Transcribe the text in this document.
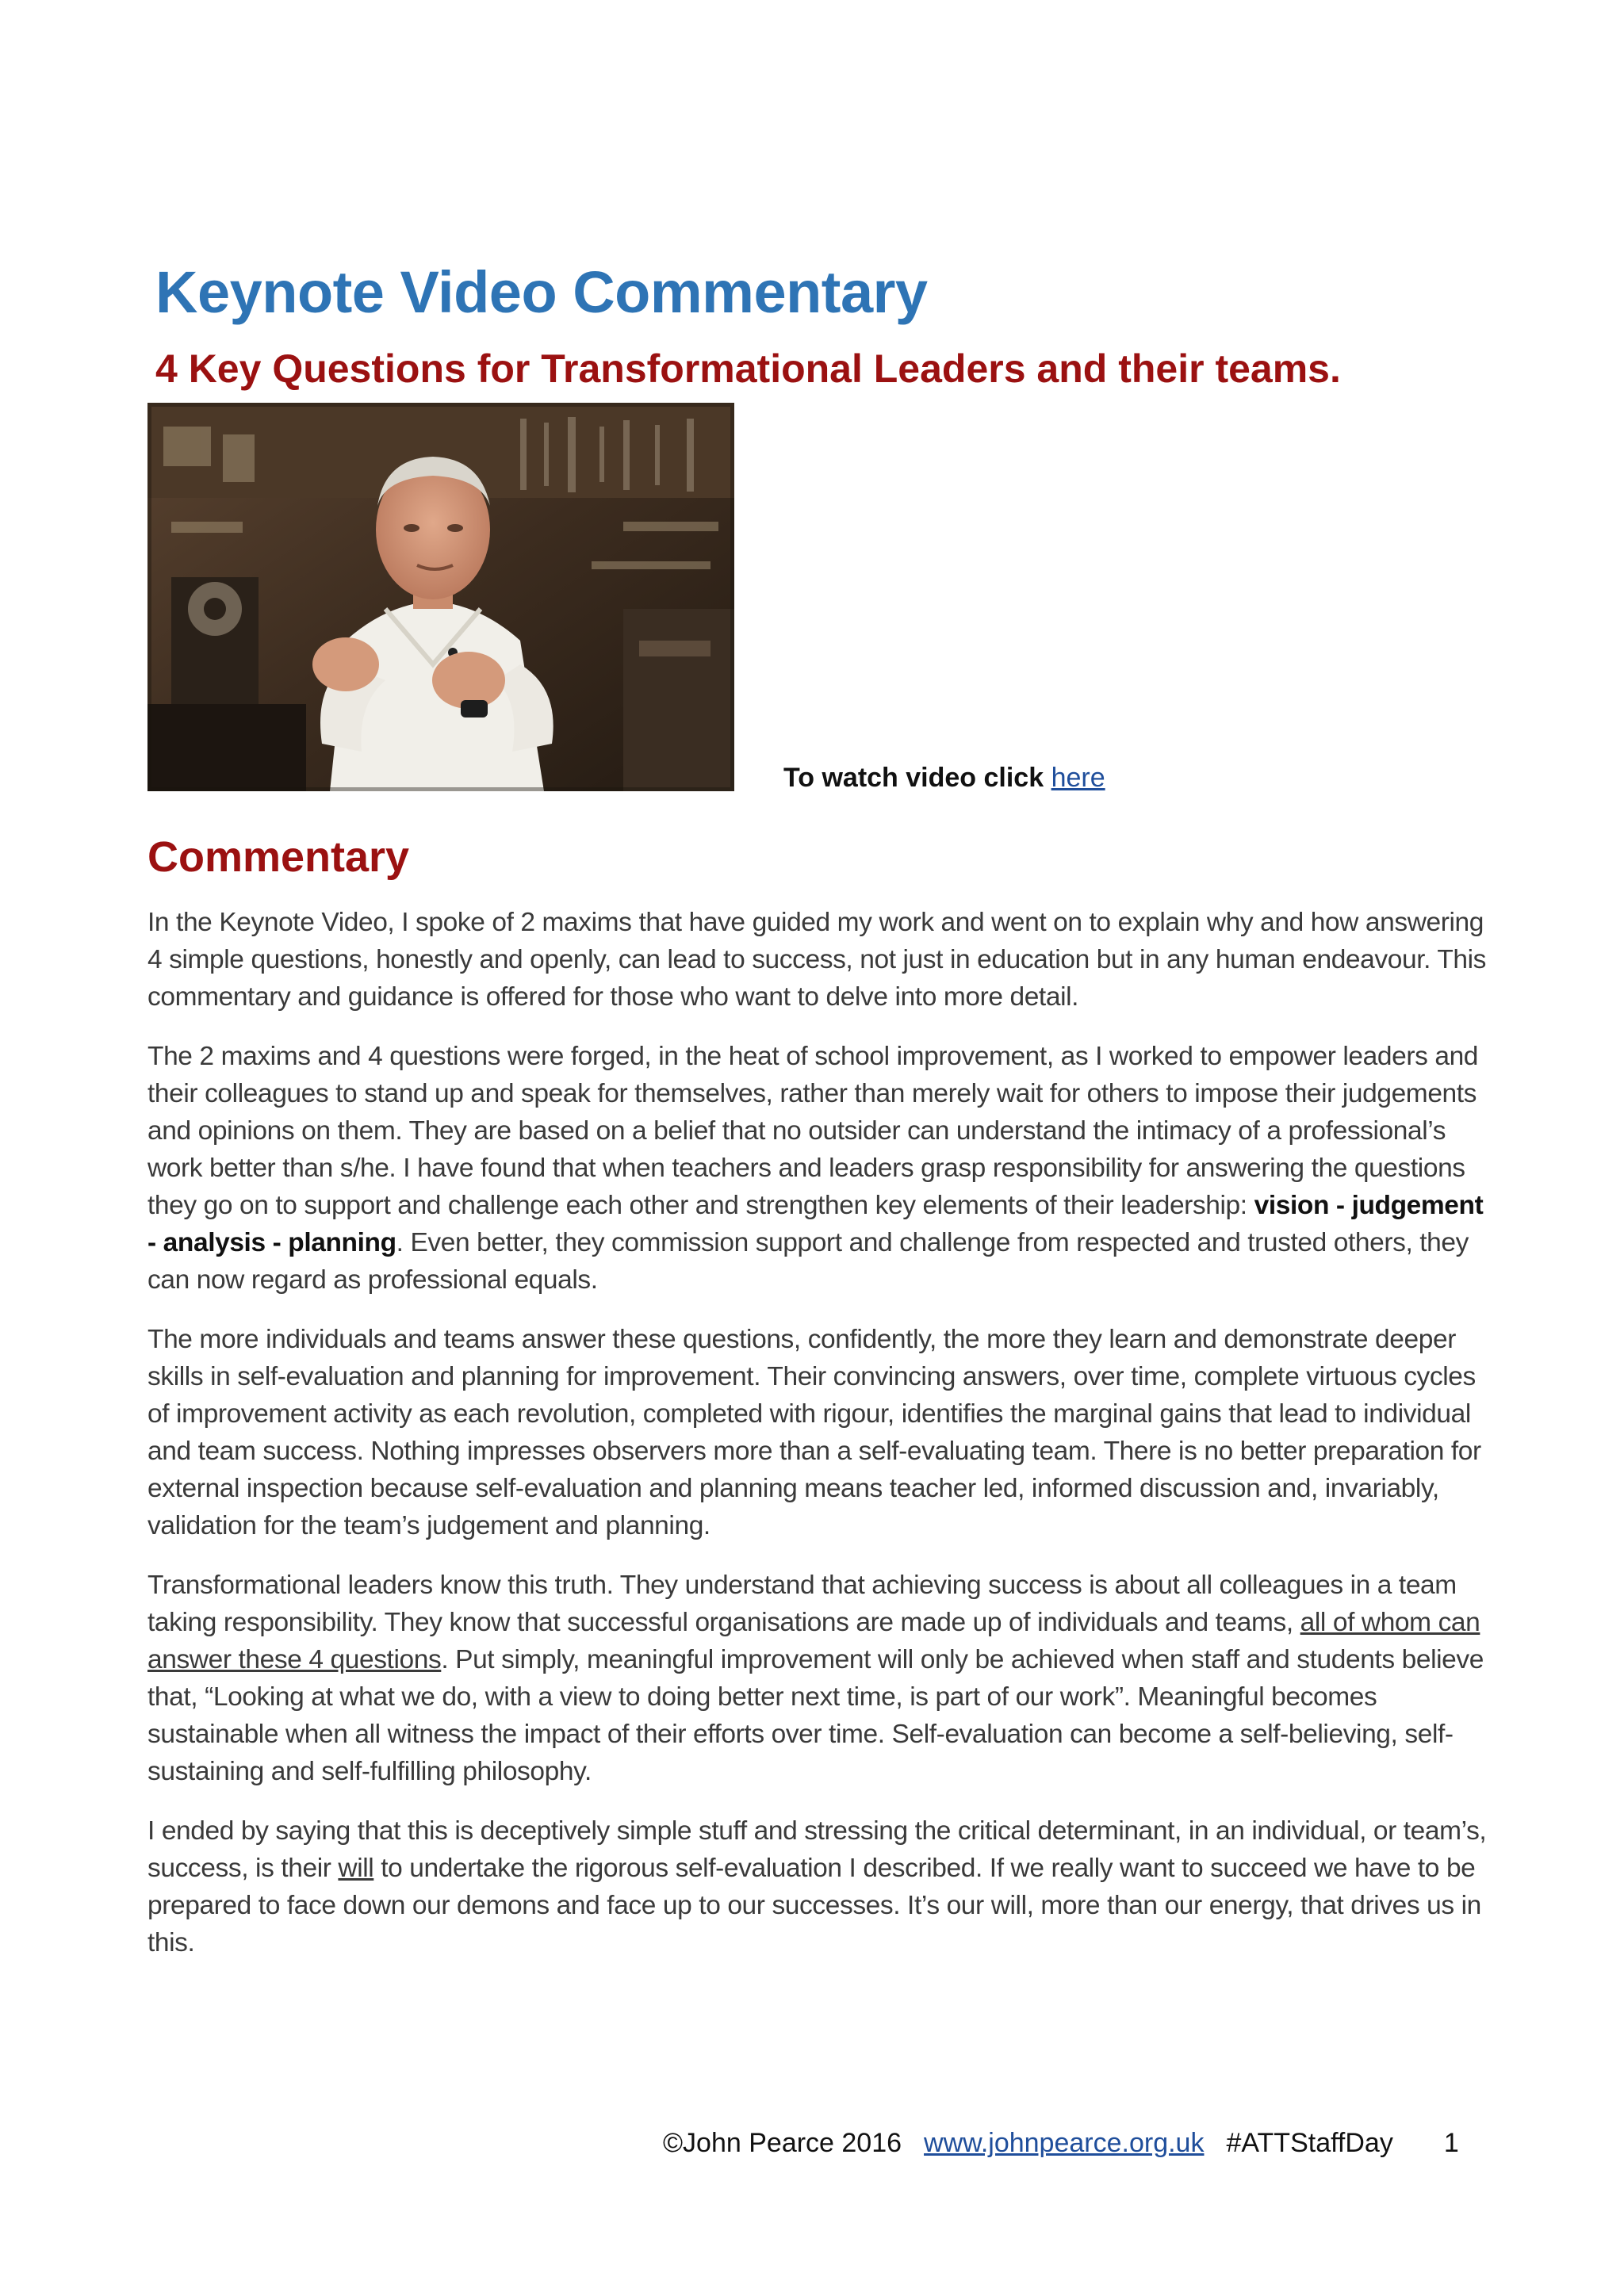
Keynote Video Commentary
4 Key Questions for Transformational Leaders and their teams.
To watch video click here
Commentary

In the Keynote Video, I spoke of 2 maxims that have guided my work and went on to explain why and how answering 4 simple questions, honestly and openly, can lead to success, not just in education but in any human endeavour. This commentary and guidance is offered for those who want to delve into more detail.

The 2 maxims and 4 questions were forged, in the heat of school improvement, as I worked to empower leaders and their colleagues to stand up and speak for themselves, rather than merely wait for others to impose their judgements and opinions on them. They are based on a belief that no outsider can understand the intimacy of a professional’s work better than s/he. I have found that when teachers and leaders grasp responsibility for answering the questions they go on to support and challenge each other and strengthen key elements of their leadership: vision - judgement - analysis - planning. Even better, they commission support and challenge from respected and trusted others, they can now regard as professional equals.

The more individuals and teams answer these questions, confidently, the more they learn and demonstrate deeper skills in self-evaluation and planning for improvement. Their convincing answers, over time, complete virtuous cycles of improvement activity as each revolution, completed with rigour, identifies the marginal gains that lead to individual and team success. Nothing impresses observers more than a self-evaluating team. There is no better preparation for external inspection because self-evaluation and planning means teacher led, informed discussion and, invariably, validation for the team’s judgement and planning.

Transformational leaders know this truth. They understand that achieving success is about all colleagues in a team taking responsibility. They know that successful organisations are made up of individuals and teams, all of whom can answer these 4 questions. Put simply, meaningful improvement will only be achieved when staff and students believe that, “Looking at what we do, with a view to doing better next time, is part of our work”. Meaningful becomes sustainable when all witness the impact of their efforts over time. Self-evaluation can become a self-believing, self-sustaining and self-fulfilling philosophy.

I ended by saying that this is deceptively simple stuff and stressing the critical determinant, in an individual, or team’s, success, is their will to undertake the rigorous self-evaluation I described. If we really want to succeed we have to be prepared to face down our demons and face up to our successes. It’s our will, more than our energy, that drives us in this.

©John Pearce 2016 www.johnpearce.org.uk #ATTStaffDay 1
